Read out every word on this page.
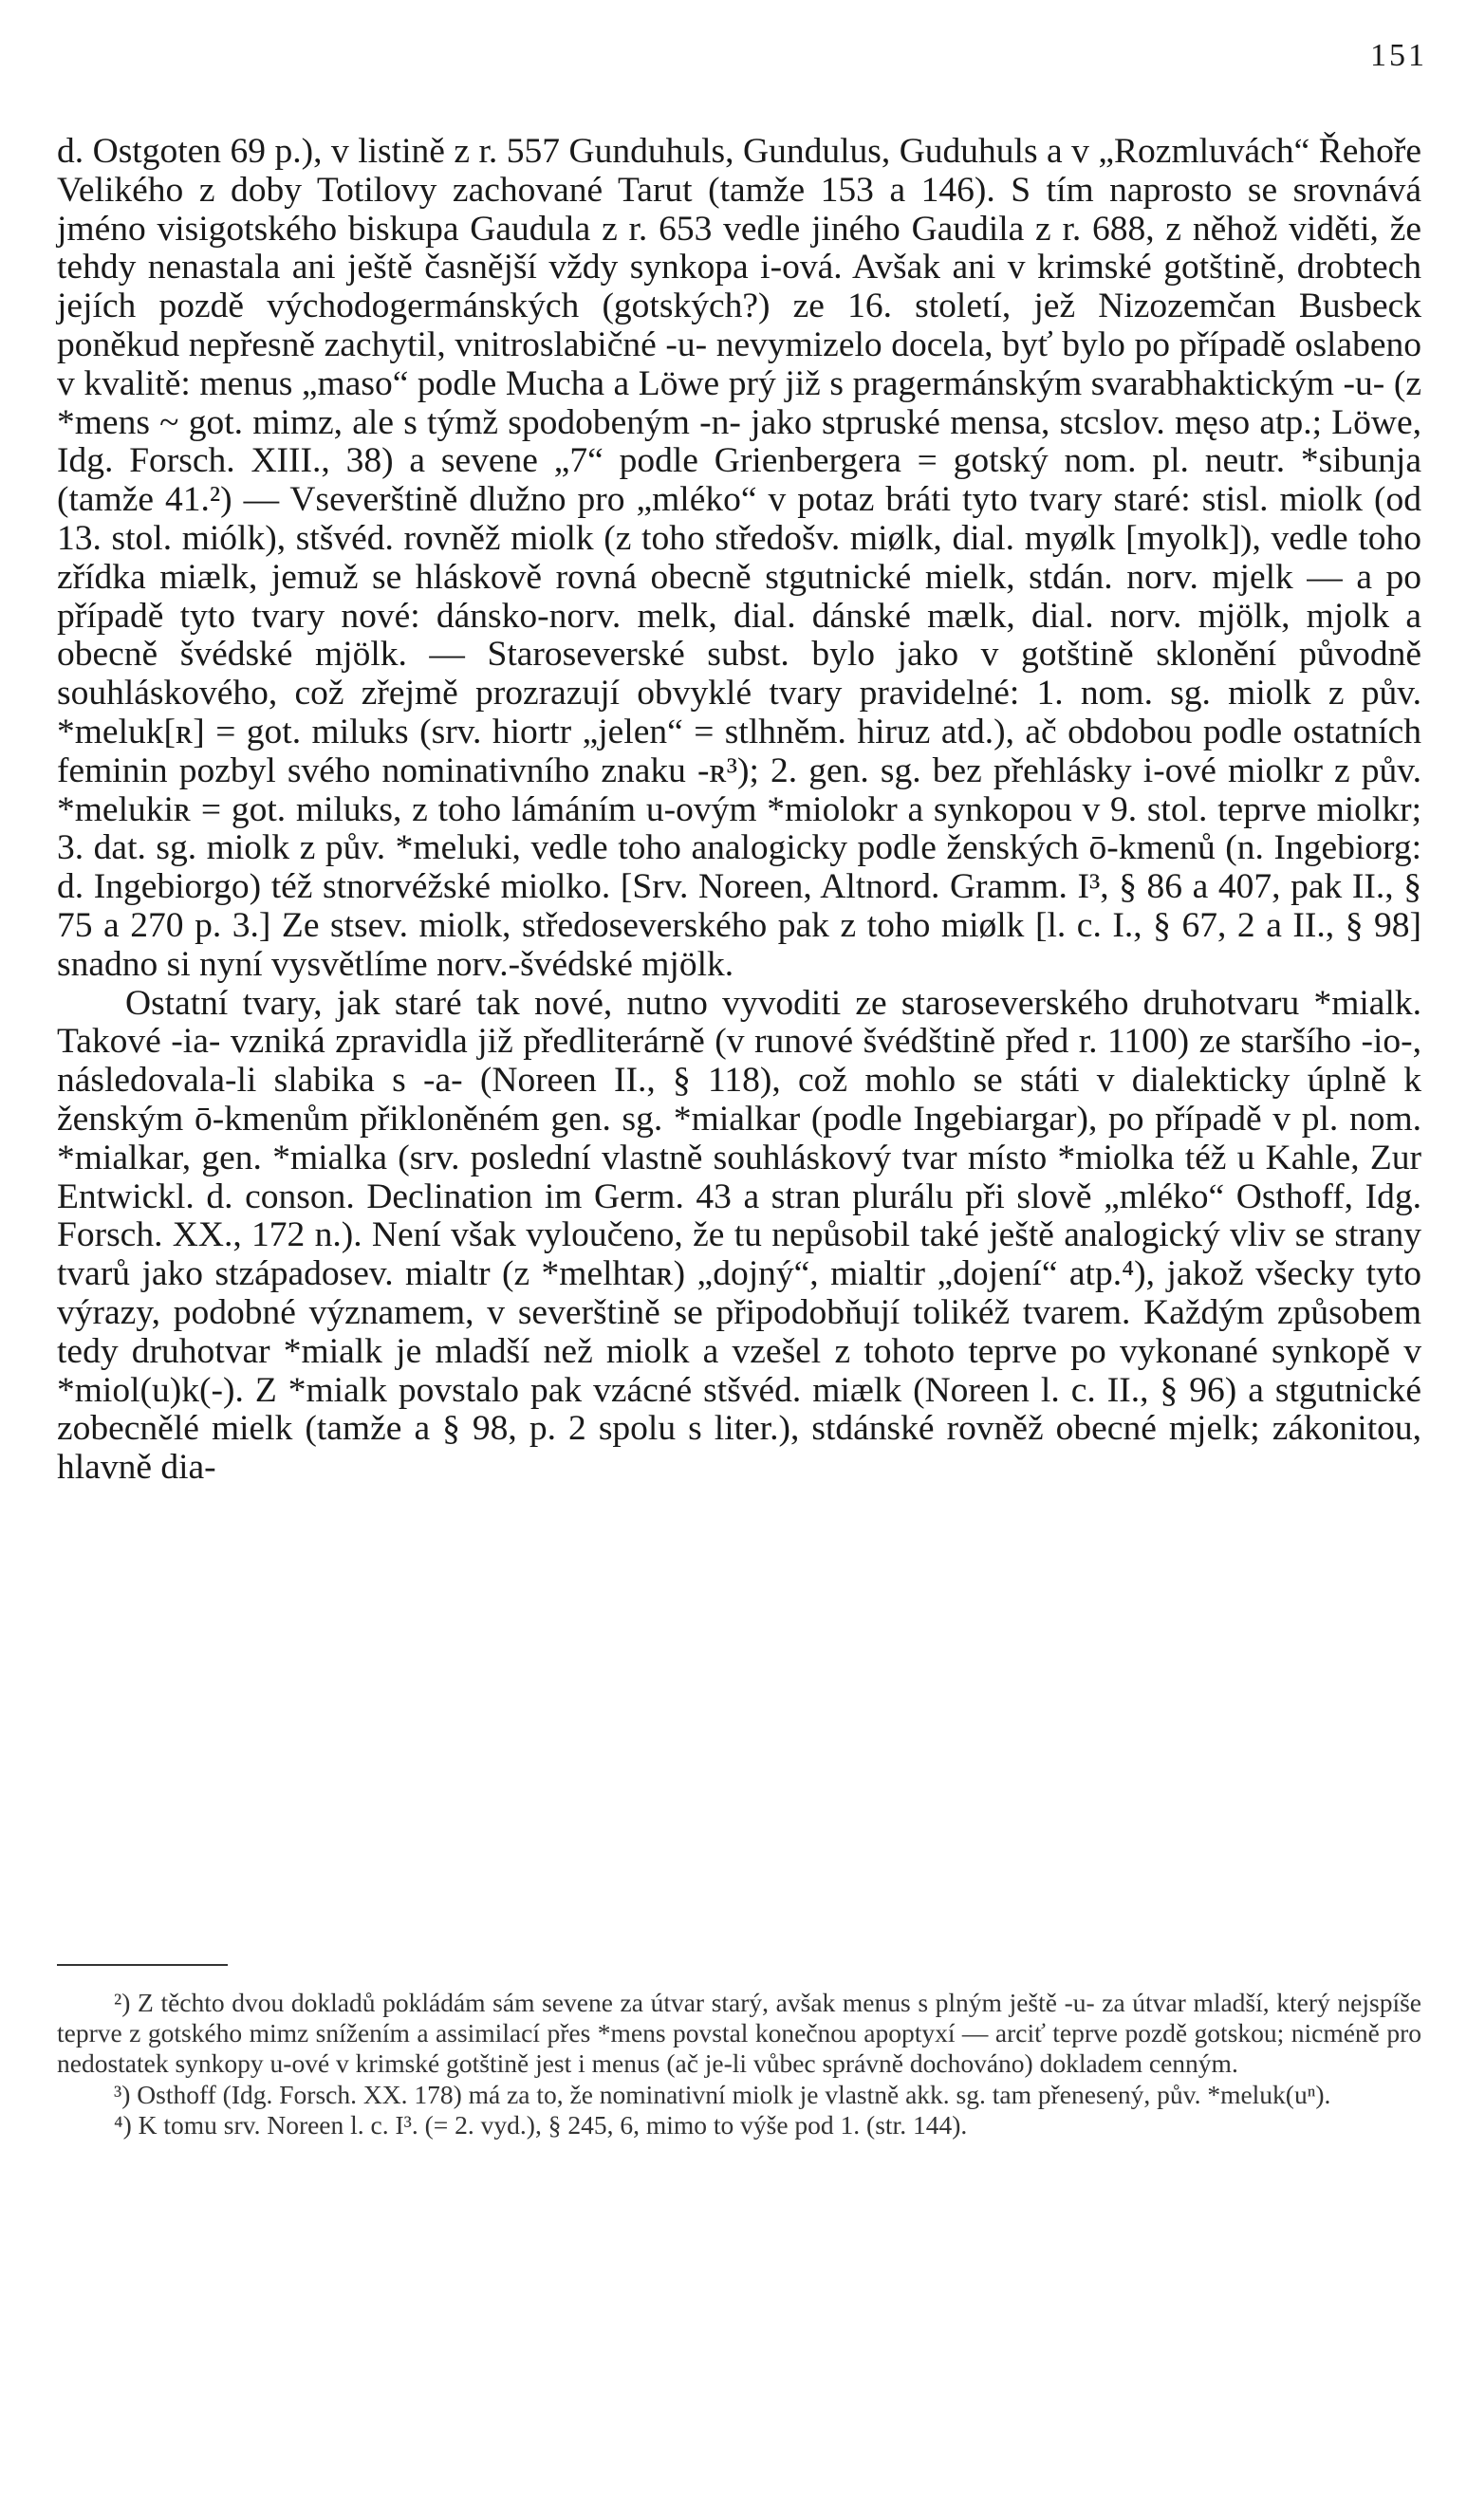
151

d. Ostgoten 69 p.), v listině z r. 557 Gunduhuls, Gundulus, Guduhuls a v „Rozmluvách“ Řehoře Velikého z doby Totilovy zachované Tarut (tamže 153 a 146). S tím naprosto se srovnává jméno visigotského biskupa Gaudula z r. 653 vedle jiného Gaudila z r. 688, z něhož viděti, že tehdy nenastala ani ještě časnější vždy synkopa i-ová. Avšak ani v krimské gotštině, drobtech jejích pozdě východogermánských (gotských?) ze 16. století, jež Nizozemčan Busbeck poněkud nepřesně zachytil, vnitroslabičné -u- nevymizelo docela, byť bylo po případě oslabeno v kvalitě: menus „maso“ podle Mucha a Löwe prý již s pragermánským svarabhaktickým -u- (z *mens ~ got. mimz, ale s týmž spodobeným -n- jako stpruské mensa, stcslov. męso atp.; Löwe, Idg. Forsch. XIII., 38) a sevene „7“ podle Grienbergera = gotský nom. pl. neutr. *sibunja (tamže 41.²) — Vseverštině dlužno pro „mléko“ v potaz bráti tyto tvary staré: stisl. miolk (od 13. stol. miólk), stšvéd. rovněž miolk (z toho středošv. miølk, dial. myølk [myolk]), vedle toho zřídka miælk, jemuž se hláskově rovná obecně stgutnické mielk, stdán. norv. mjelk — a po případě tyto tvary nové: dánsko-norv. melk, dial. dánské mælk, dial. norv. mjölk, mjolk a obecně švédské mjölk. — Staroseverské subst. bylo jako v gotštině sklonění původně souhláskového, což zřejmě prozrazují obvyklé tvary pravidelné: 1. nom. sg. miolk z pův. *meluk[ʀ] = got. miluks (srv. hiortr „jelen“ = stlhněm. hiruz atd.), ač obdobou podle ostatních feminin pozbyl svého nominativního znaku -ʀ³); 2. gen. sg. bez přehlásky i-ové miolkr z pův. *melukiʀ = got. miluks, z toho lámáním u-ovým *miolokr a synkopou v 9. stol. teprve miolkr; 3. dat. sg. miolk z pův. *meluki, vedle toho analogicky podle ženských ō-kmenů (n. Ingebiorg: d. Ingebiorgo) též stnorvéžské miolko. [Srv. Noreen, Altnord. Gramm. I³, § 86 a 407, pak II., § 75 a 270 p. 3.] Ze stsev. miolk, středoseverského pak z toho miølk [l. c. I., § 67, 2 a II., § 98] snadno si nyní vysvětlíme norv.-švédské mjölk.

Ostatní tvary, jak staré tak nové, nutno vyvoditi ze staroseverského druhotvaru *mialk. Takové -ia- vzniká zpravidla již předliterárně (v runové švédštině před r. 1100) ze staršího -io-, následovala-li slabika s -a- (Noreen II., § 118), což mohlo se státi v dialekticky úplně k ženským ō-kmenům přikloněném gen. sg. *mialkar (podle Ingebiargar), po případě v pl. nom. *mialkar, gen. *mialka (srv. poslední vlastně souhláskový tvar místo *miolka též u Kahle, Zur Entwickl. d. conson. Declination im Germ. 43 a stran plurálu při slově „mléko“ Osthoff, Idg. Forsch. XX., 172 n.). Není však vyloučeno, že tu nepůsobil také ještě analogický vliv se strany tvarů jako stzápadosev. mialtr (z *melhtaʀ) „dojný“, mialtir „dojení“ atp.⁴), jakož všecky tyto výrazy, podobné významem, v severštině se připodobňují tolikéž tvarem. Každým způsobem tedy druhotvar *mialk je mladší než miolk a vzešel z tohoto teprve po vykonané synkopě v *miol(u)k(-). Z *mialk povstalo pak vzácné stšvéd. miælk (Noreen l. c. II., § 96) a stgutnické zobecnělé mielk (tamže a § 98, p. 2 spolu s liter.), stdánské rovněž obecné mjelk; zákonitou, hlavně dia-

²) Z těchto dvou dokladů pokládám sám sevene za útvar starý, avšak menus s plným ještě -u- za útvar mladší, který nejspíše teprve z gotského mimz snížením a assimilací přes *mens povstal konečnou apoptyxí — arciť teprve pozdě gotskou; nicméně pro nedostatek synkopy u-ové v krimské gotštině jest i menus (ač je-li vůbec správně dochováno) dokladem cenným.

³) Osthoff (Idg. Forsch. XX. 178) má za to, že nominativní miolk je vlastně akk. sg. tam přenesený, pův. *meluk(uⁿ).

⁴) K tomu srv. Noreen l. c. I³. (= 2. vyd.), § 245, 6, mimo to výše pod 1. (str. 144).
